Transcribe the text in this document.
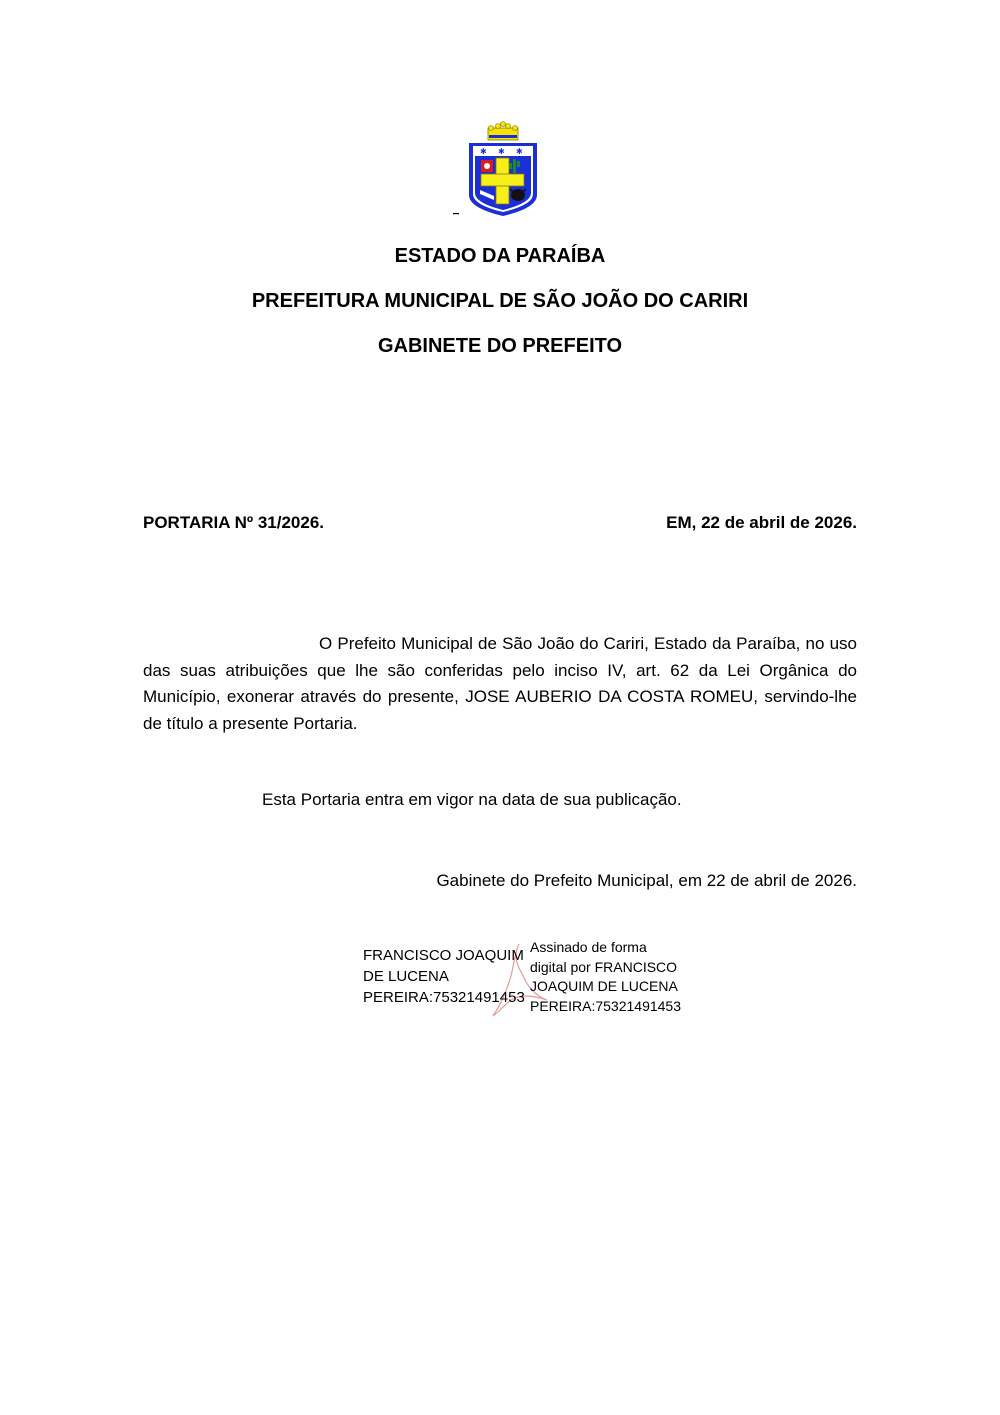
✱ ✱ ✱
ESTADO DA PARAÍBA
PREFEITURA MUNICIPAL DE SÃO JOÃO DO CARIRI
GABINETE DO PREFEITO
PORTARIA Nº 31/2026.	EM, 22 de abril de 2026.

O Prefeito Municipal de São João do Cariri, Estado da Paraíba, no uso das suas atribuições que lhe são conferidas pelo inciso IV, art. 62 da Lei Orgânica do Município, exonerar através do presente, JOSE AUBERIO DA COSTA ROMEU, servindo-lhe de título a presente Portaria.

Esta Portaria entra em vigor na data de sua publicação.
Gabinete do Prefeito Municipal, em 22 de abril de 2026.
FRANCISCO JOAQUIM
DE LUCENA
PEREIRA:75321491453
Assinado de forma
digital por FRANCISCO
JOAQUIM DE LUCENA
PEREIRA:75321491453
